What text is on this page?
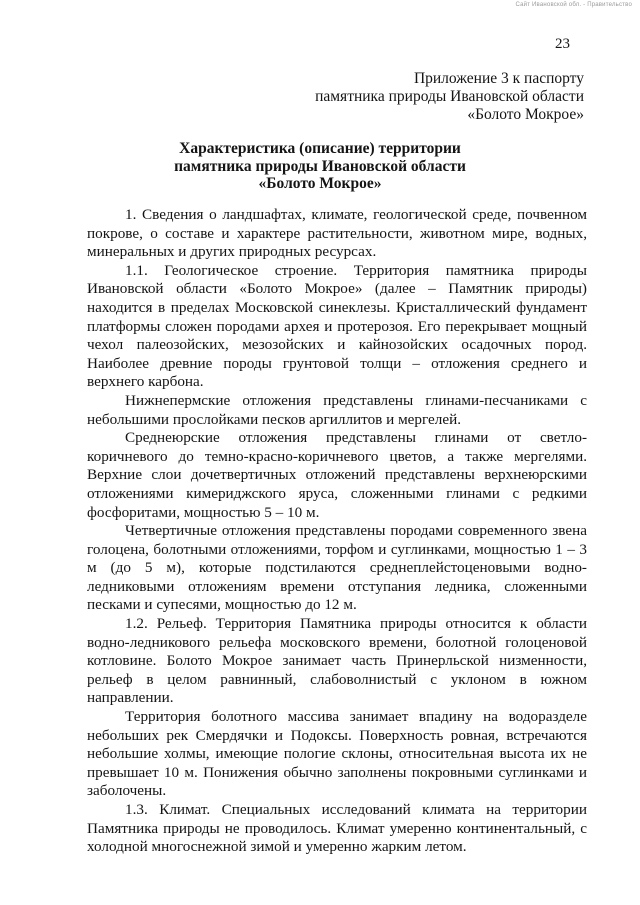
Сайт Ивановской обл. - Правительство
23
Приложение 3 к паспорту
памятника природы Ивановской области
«Болото Мокрое»
Характеристика (описание) территории
памятника природы Ивановской области
«Болото Мокрое»

1. Сведения о ландшафтах, климате, геологической среде, почвенном покрове, о составе и характере растительности, животном мире, водных, минеральных и других природных ресурсах.

1.1. Геологическое строение. Территория памятника природы Ивановской области «Болото Мокрое» (далее – Памятник природы) находится в пределах Московской синеклезы. Кристаллический фундамент платформы сложен породами архея и протерозоя. Его перекрывает мощный чехол палеозойских, мезозойских и кайнозойских осадочных пород. Наиболее древние породы грунтовой толщи – отложения среднего и верхнего карбона.

Нижнепермские отложения представлены глинами-песчаниками с небольшими прослойками песков аргиллитов и мергелей.

Среднеюрские отложения представлены глинами от светло-коричневого до темно-красно-коричневого цветов, а также мергелями. Верхние слои дочетвертичных отложений представлены верхнеюрскими отложениями кимериджского яруса, сложенными глинами с редкими фосфоритами, мощностью 5 – 10 м.

Четвертичные отложения представлены породами современного звена голоцена, болотными отложениями, торфом и суглинками, мощностью 1 – 3 м (до 5 м), которые подстилаются среднеплейстоценовыми водно-ледниковыми отложениям времени отступания ледника, сложенными песками и супесями, мощностью до 12 м.

1.2. Рельеф. Территория Памятника природы относится к области водно-ледникового рельефа московского времени, болотной голоценовой котловине. Болото Мокрое занимает часть Принерльской низменности, рельеф в целом равнинный, слабоволнистый с уклоном в южном направлении.

Территория болотного массива занимает впадину на водоразделе небольших рек Смердячки и Подоксы. Поверхность ровная, встречаются небольшие холмы, имеющие пологие склоны, относительная высота их не превышает 10 м. Понижения обычно заполнены покровными суглинками и заболочены.

1.3. Климат. Специальных исследований климата на территории Памятника природы не проводилось. Климат умеренно континентальный, с холодной многоснежной зимой и умеренно жарким летом.
